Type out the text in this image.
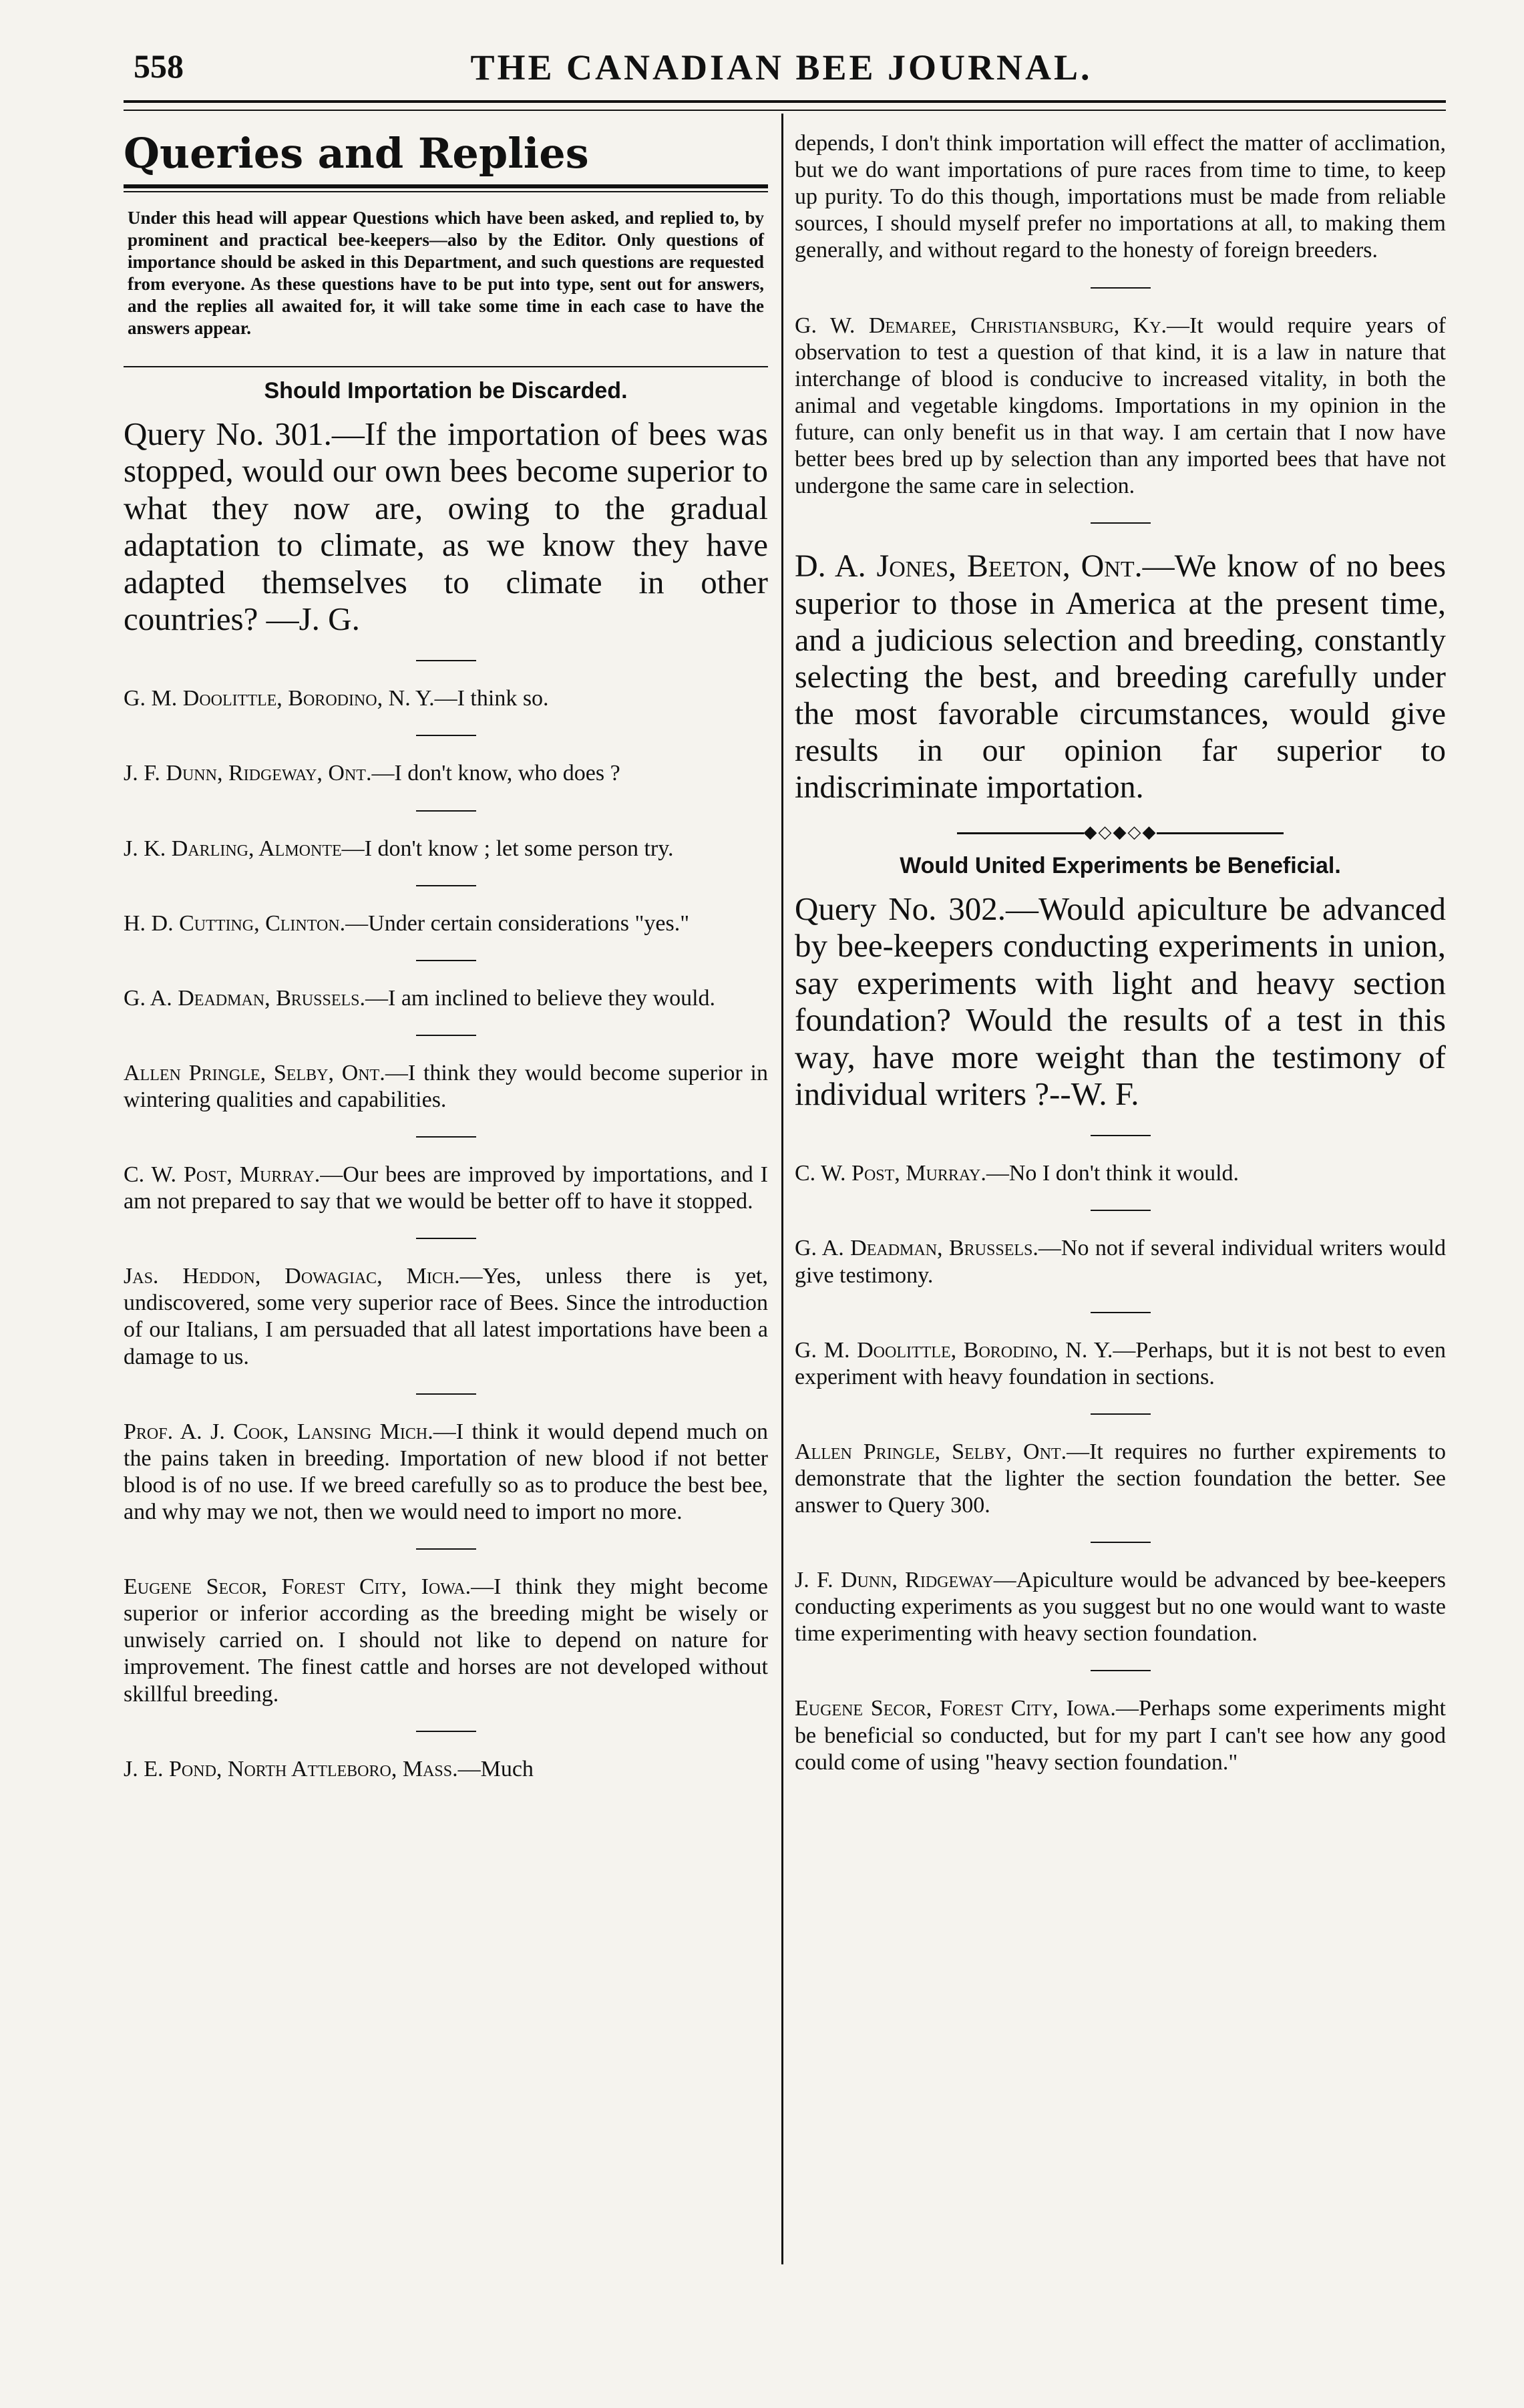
558	THE CANADIAN BEE JOURNAL.
Queries and Replies
Under this head will appear Questions which have been asked, and replied to, by prominent and practical bee-keepers—also by the Editor. Only questions of importance should be asked in this Department, and such questions are requested from everyone. As these questions have to be put into type, sent out for answers, and the replies all awaited for, it will take some time in each case to have the answers appear.
Should Importation be Discarded.
Query No. 301.—If the importation of bees was stopped, would our own bees become superior to what they now are, owing to the gradual adaptation to climate, as we know they have adapted themselves to climate in other countries? —J. G.
G. M. Doolittle, Borodino, N. Y.—I think so.
J. F. Dunn, Ridgeway, Ont.—I don't know, who does ?
J. K. Darling, Almonte—I don't know ; let some person try.
H. D. Cutting, Clinton.—Under certain considerations "yes."
G. A. Deadman, Brussels.—I am inclined to believe they would.
Allen Pringle, Selby, Ont.—I think they would become superior in wintering qualities and capabilities.
C. W. Post, Murray.—Our bees are improved by importations, and I am not prepared to say that we would be better off to have it stopped.
Jas. Heddon, Dowagiac, Mich.—Yes, unless there is yet, undiscovered, some very superior race of Bees. Since the introduction of our Italians, I am persuaded that all latest importations have been a damage to us.
Prof. A. J. Cook, Lansing Mich.—I think it would depend much on the pains taken in breeding. Importation of new blood if not better blood is of no use. If we breed carefully so as to produce the best bee, and why may we not, then we would need to import no more.
Eugene Secor, Forest City, Iowa.—I think they might become superior or inferior according as the breeding might be wisely or unwisely carried on. I should not like to depend on nature for improvement. The finest cattle and horses are not developed without skillful breeding.
J. E. Pond, North Attleboro, Mass.—Much
depends, I don't think importation will effect the matter of acclimation, but we do want importations of pure races from time to time, to keep up purity. To do this though, importations must be made from reliable sources, I should myself prefer no importations at all, to making them generally, and without regard to the honesty of foreign breeders.
G. W. Demaree, Christiansburg, Ky.—It would require years of observation to test a question of that kind, it is a law in nature that interchange of blood is conducive to increased vitality, in both the animal and vegetable kingdoms. Importations in my opinion in the future, can only benefit us in that way. I am certain that I now have better bees bred up by selection than any imported bees that have not undergone the same care in selection.
D. A. Jones, Beeton, Ont.—We know of no bees superior to those in America at the present time, and a judicious selection and breeding, constantly selecting the best, and breeding carefully under the most favorable circumstances, would give results in our opinion far superior to indiscriminate importation.
◆◇◆◇◆
Would United Experiments be Beneficial.
Query No. 302.—Would apiculture be advanced by bee-keepers conducting experiments in union, say experiments with light and heavy section foundation? Would the results of a test in this way, have more weight than the testimony of individual writers ?--W. F.
C. W. Post, Murray.—No I don't think it would.
G. A. Deadman, Brussels.—No not if several individual writers would give testimony.
G. M. Doolittle, Borodino, N. Y.—Perhaps, but it is not best to even experiment with heavy foundation in sections.
Allen Pringle, Selby, Ont.—It requires no further expirements to demonstrate that the lighter the section foundation the better. See answer to Query 300.
J. F. Dunn, Ridgeway—Apiculture would be advanced by bee-keepers conducting experiments as you suggest but no one would want to waste time experimenting with heavy section foundation.
Eugene Secor, Forest City, Iowa.—Perhaps some experiments might be beneficial so conducted, but for my part I can't see how any good could come of using "heavy section foundation."
